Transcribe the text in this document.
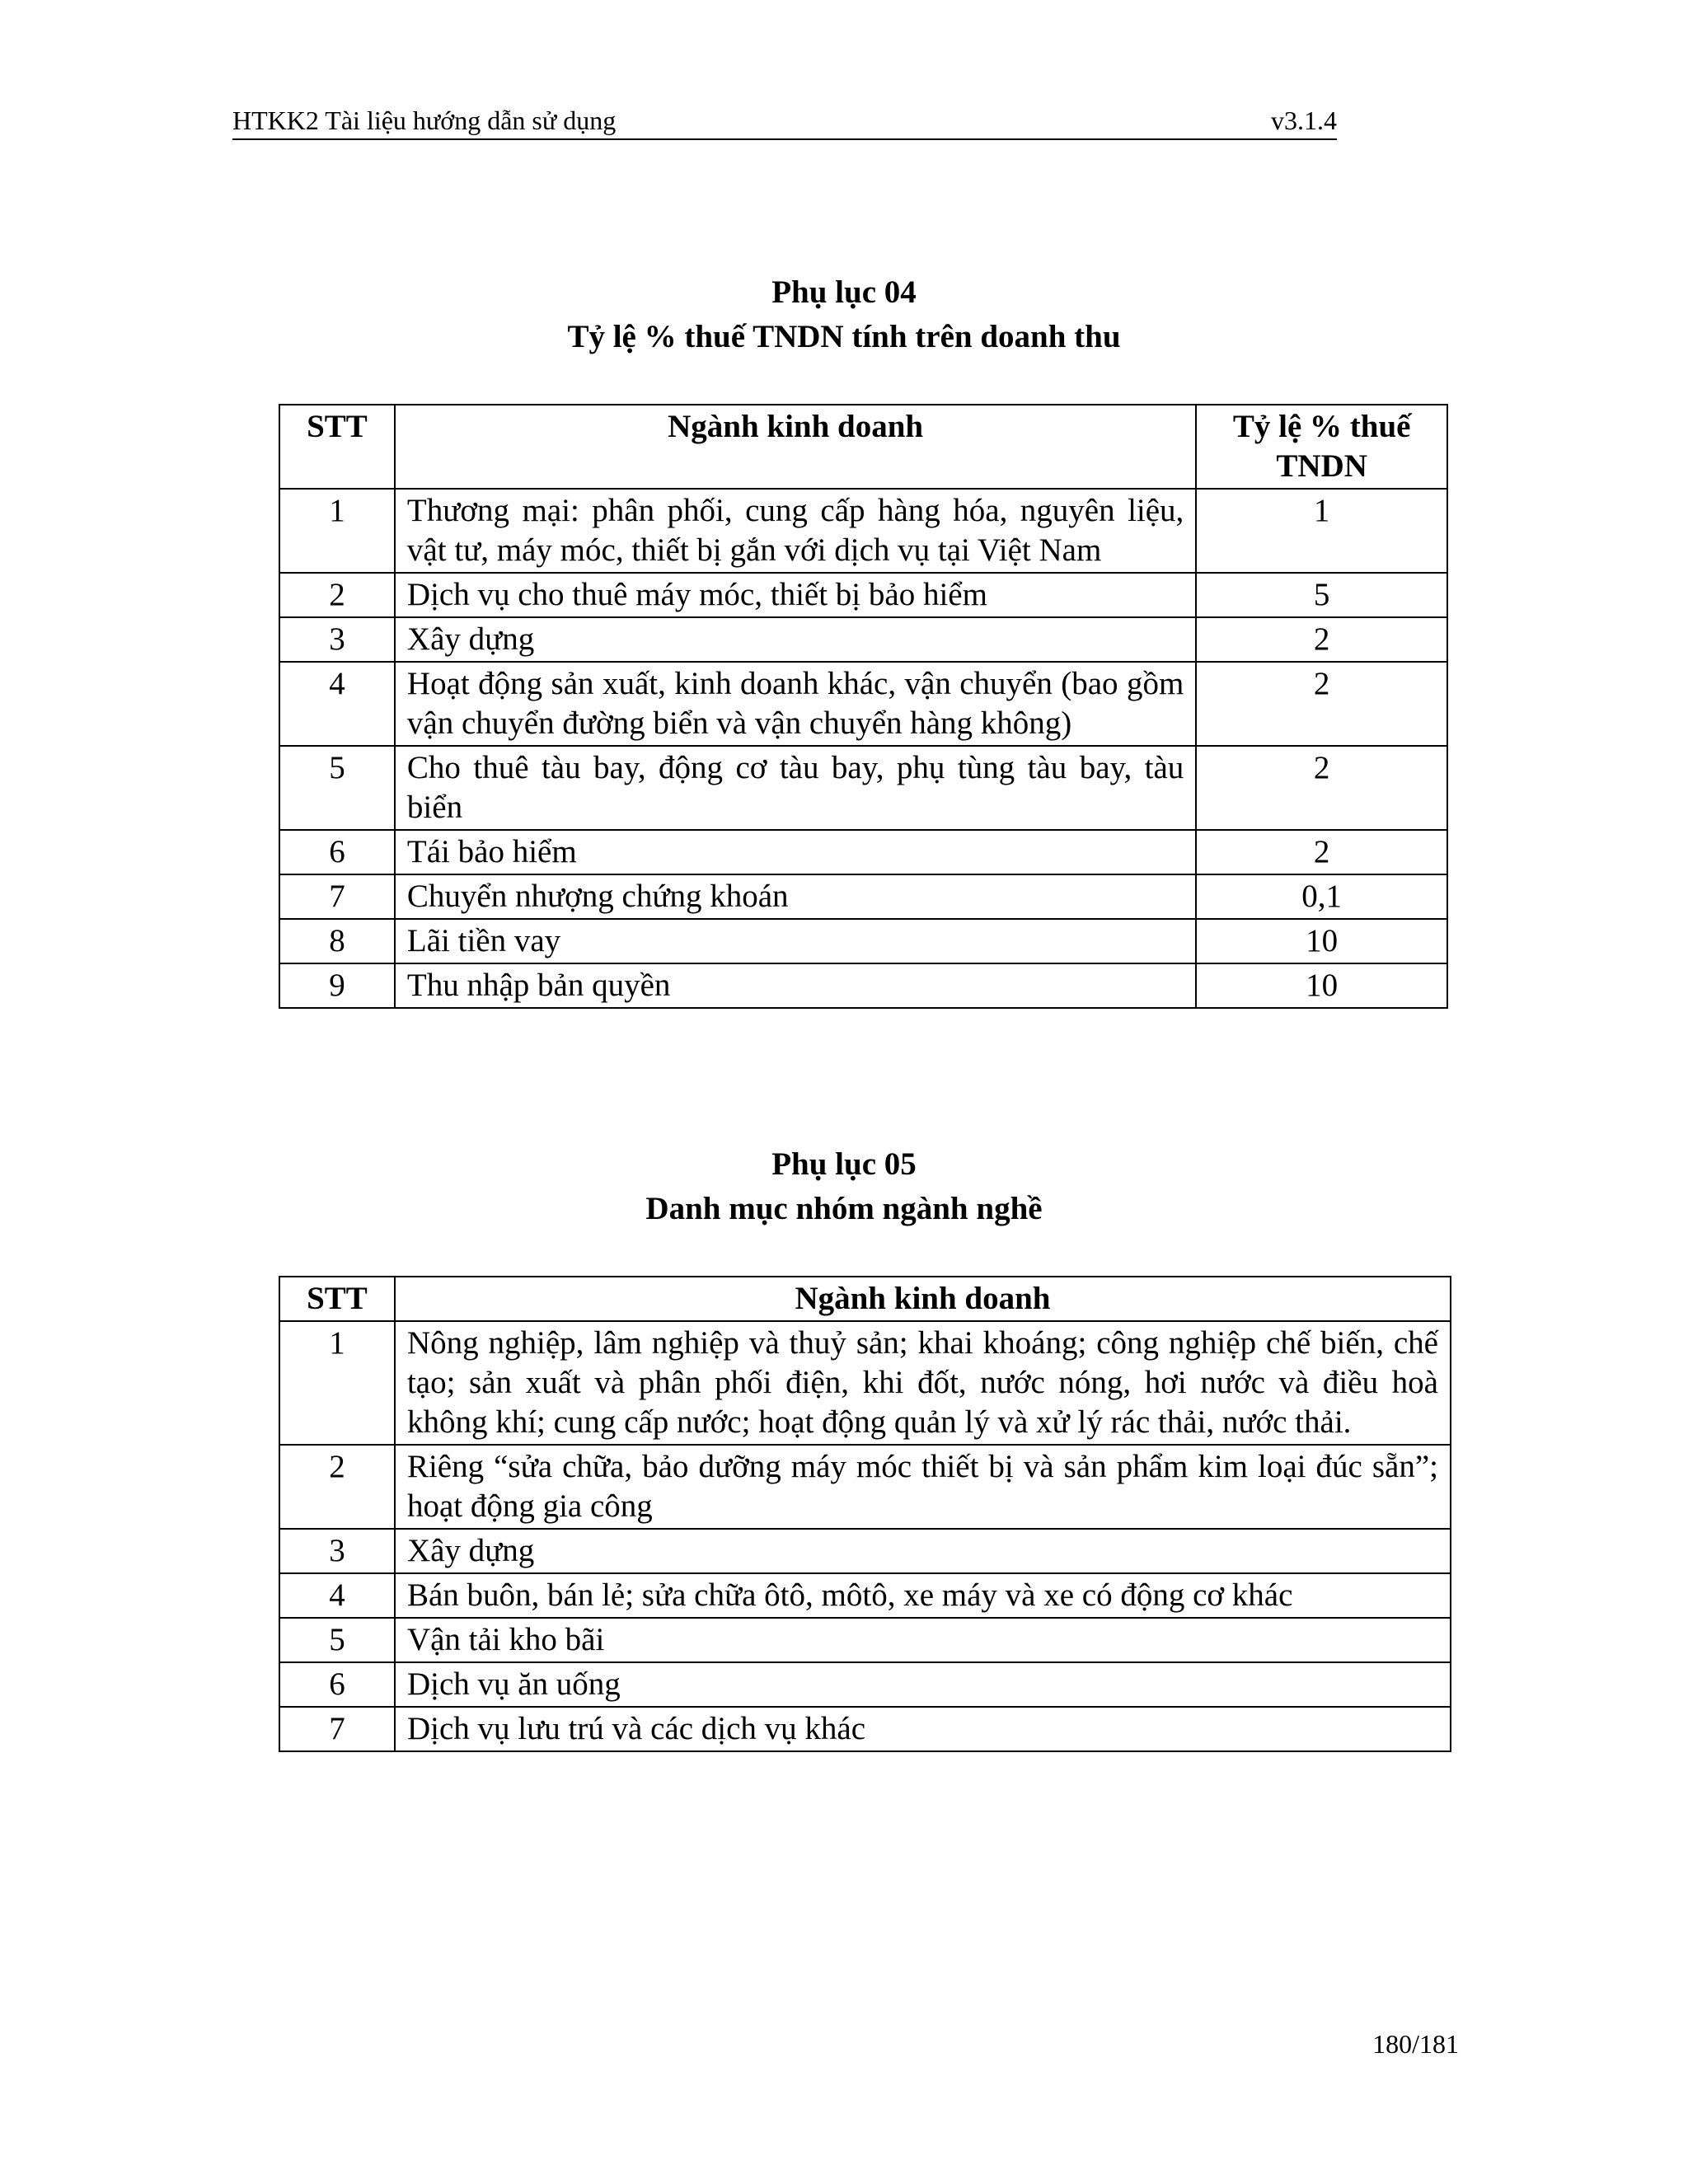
HTKK2 Tài liệu hướng dẫn sử dụng	v3.1.4
Phụ lục 04
Tỷ lệ % thuế TNDN tính trên doanh thu
STT	Ngành kinh doanh	Tỷ lệ % thuế TNDN
1	Thương mại: phân phối, cung cấp hàng hóa, nguyên liệu, vật tư, máy móc, thiết bị gắn với dịch vụ tại Việt Nam	1
2	Dịch vụ cho thuê máy móc, thiết bị bảo hiểm	5
3	Xây dựng	2
4	Hoạt động sản xuất, kinh doanh khác, vận chuyển (bao gồm vận chuyển đường biển và vận chuyển hàng không)	2
5	Cho thuê tàu bay, động cơ tàu bay, phụ tùng tàu bay, tàu biển	2
6	Tái bảo hiểm	2
7	Chuyển nhượng chứng khoán	0,1
8	Lãi tiền vay	10
9	Thu nhập bản quyền	10
Phụ lục 05
Danh mục nhóm ngành nghề
STT	Ngành kinh doanh
1	Nông nghiệp, lâm nghiệp và thuỷ sản; khai khoáng; công nghiệp chế biến, chế tạo; sản xuất và phân phối điện, khi đốt, nước nóng, hơi nước và điều hoà không khí; cung cấp nước; hoạt động quản lý và xử lý rác thải, nước thải.
2	Riêng “sửa chữa, bảo dưỡng máy móc thiết bị và sản phẩm kim loại đúc sẵn”; hoạt động gia công
3	Xây dựng
4	Bán buôn, bán lẻ; sửa chữa ôtô, môtô, xe máy và xe có động cơ khác
5	Vận tải kho bãi
6	Dịch vụ ăn uống
7	Dịch vụ lưu trú và các dịch vụ khác
180/181
